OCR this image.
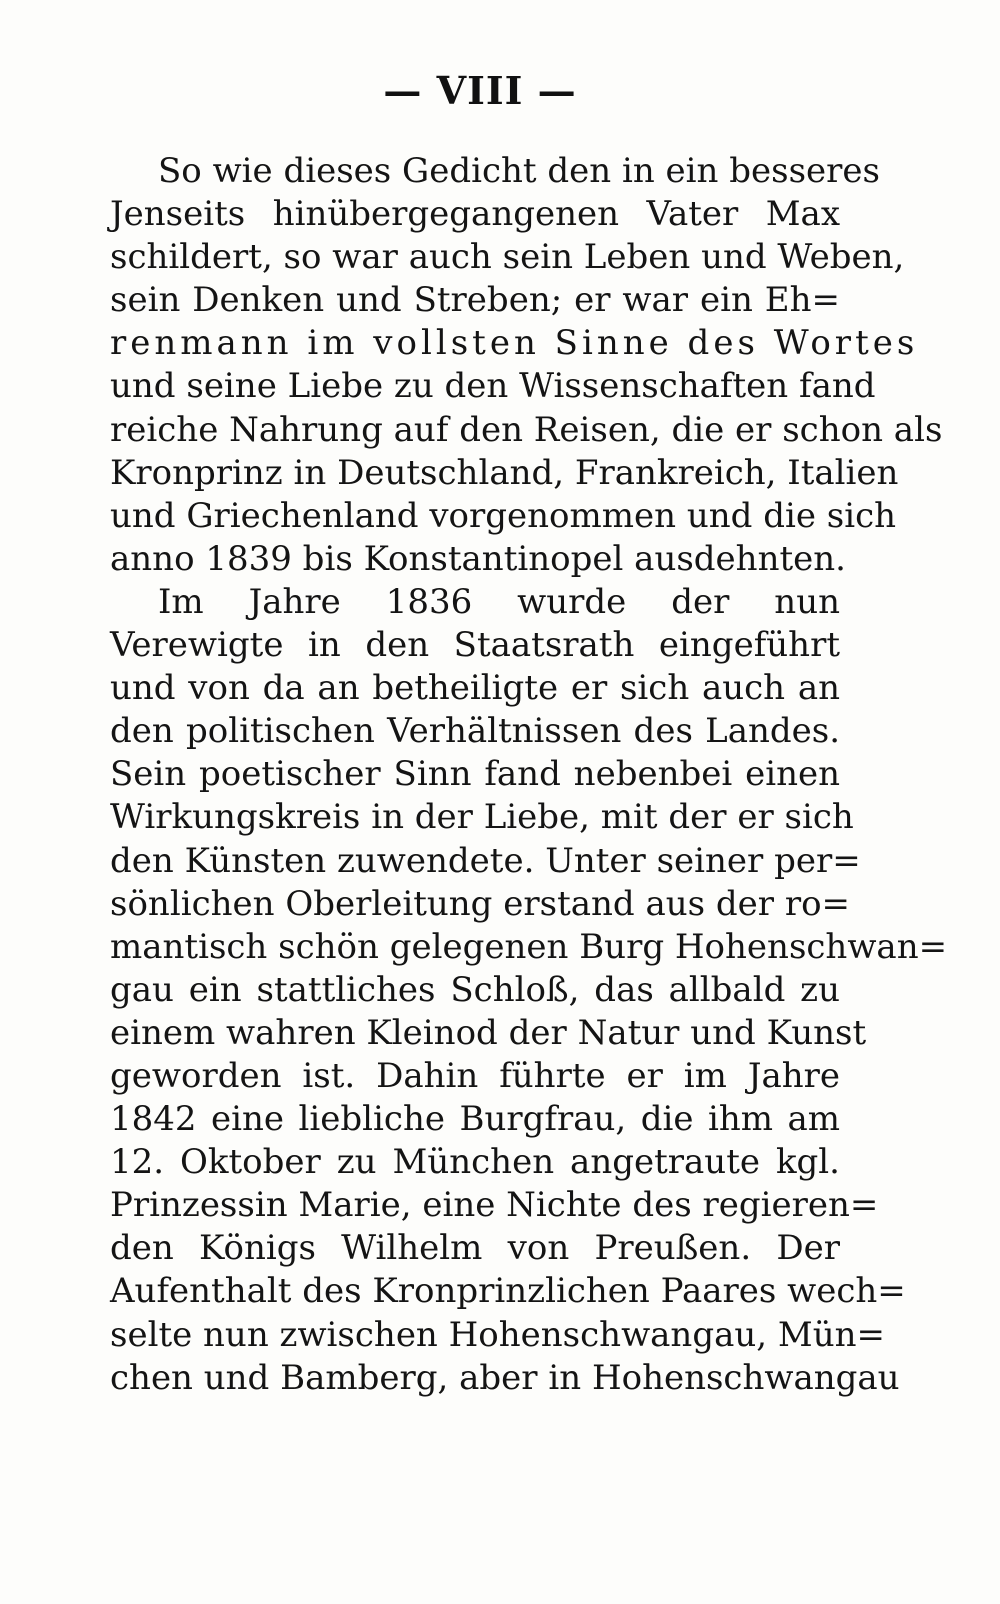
— VIII —
So wie dieses Gedicht den in ein besseres
Jenseits hinübergegangenen Vater Max
schildert, so war auch sein Leben und Weben,
sein Denken und Streben; er war ein Eh=
renmann im vollsten Sinne des Wortes
und seine Liebe zu den Wissenschaften fand
reiche Nahrung auf den Reisen, die er schon als
Kronprinz in Deutschland, Frankreich, Italien
und Griechenland vorgenommen und die sich
anno 1839 bis Konstantinopel ausdehnten.
Im Jahre 1836 wurde der nun
Verewigte in den Staatsrath eingeführt
und von da an betheiligte er sich auch an
den politischen Verhältnissen des Landes.
Sein poetischer Sinn fand nebenbei einen
Wirkungskreis in der Liebe, mit der er sich
den Künsten zuwendete. Unter seiner per=
sönlichen Oberleitung erstand aus der ro=
mantisch schön gelegenen Burg Hohenschwan=
gau ein stattliches Schloß, das allbald zu
einem wahren Kleinod der Natur und Kunst
geworden ist. Dahin führte er im Jahre
1842 eine liebliche Burgfrau, die ihm am
12. Oktober zu München angetraute kgl.
Prinzessin Marie, eine Nichte des regieren=
den Königs Wilhelm von Preußen. Der
Aufenthalt des Kronprinzlichen Paares wech=
selte nun zwischen Hohenschwangau, Mün=
chen und Bamberg, aber in Hohenschwangau
